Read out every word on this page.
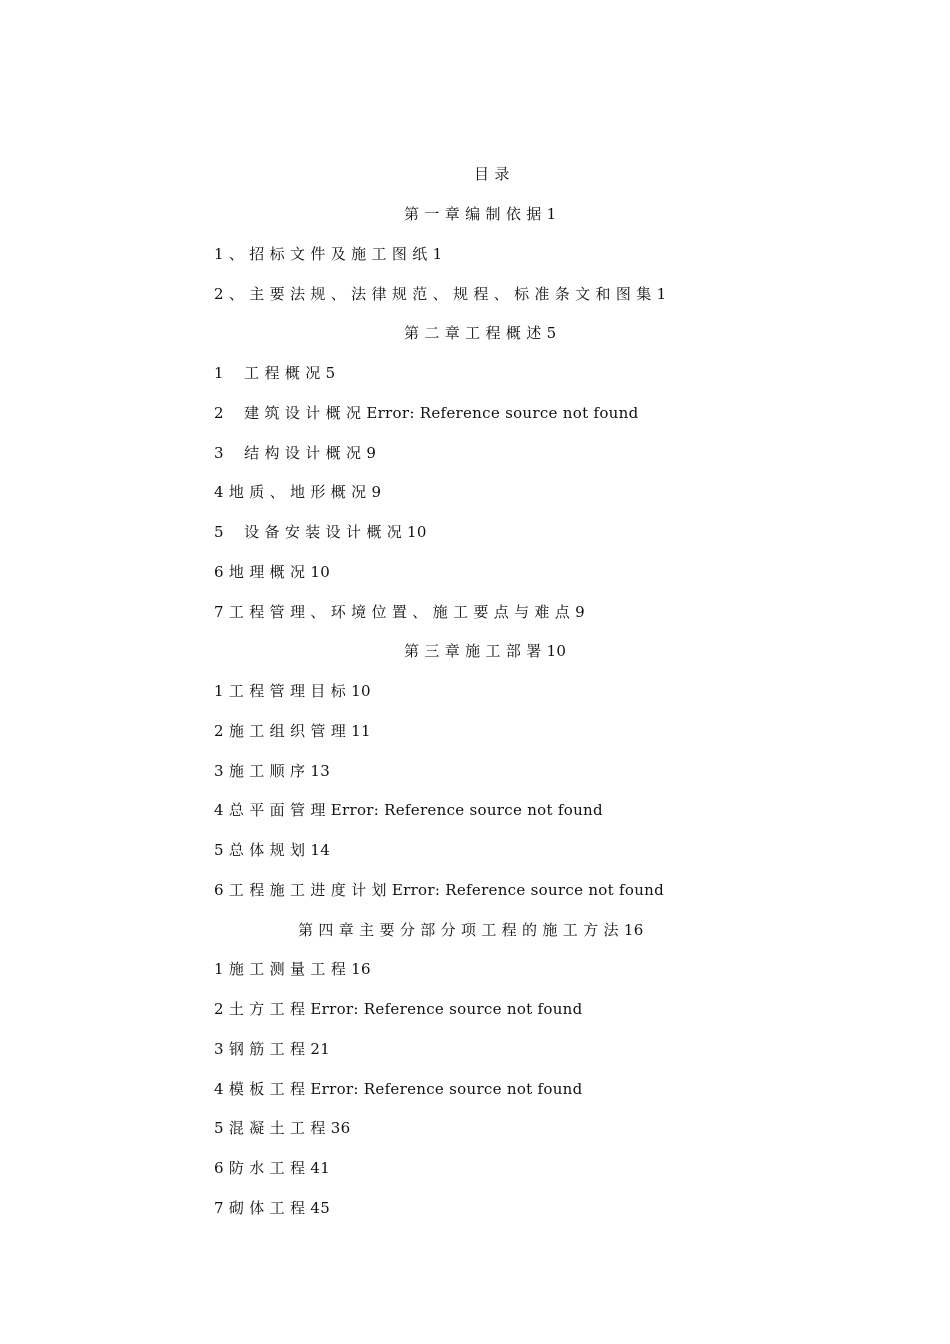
目 录
第 一 章 编 制 依 据 1
1 、 招 标 文 件 及 施 工 图 纸 1
2 、 主 要 法 规 、 法 律 规 范 、 规 程 、 标 准 条 文 和 图 集 1
第 二 章 工 程 概 述 5
1    工 程 概 况 5
2    建 筑 设 计 概 况 Error: Reference source not found
3    结 构 设 计 概 况 9
4 地 质 、 地 形 概 况 9
5    设 备 安 装 设 计 概 况 10
6 地 理 概 况 10
7 工 程 管 理 、 环 境 位 置 、 施 工 要 点 与 难 点 9
第 三 章 施 工 部 署 10
1 工 程 管 理 目 标 10
2 施 工 组 织 管 理 11
3 施 工 顺 序 13
4 总 平 面 管 理 Error: Reference source not found
5 总 体 规 划 14
6 工 程 施 工 进 度 计 划 Error: Reference source not found
第 四 章 主 要 分 部 分 项 工 程 的 施 工 方 法 16
1 施 工 测 量 工 程 16
2 土 方 工 程 Error: Reference source not found
3 钢 筋 工 程 21
4 模 板 工 程 Error: Reference source not found
5 混 凝 土 工 程 36
6 防 水 工 程 41
7 砌 体 工 程 45
